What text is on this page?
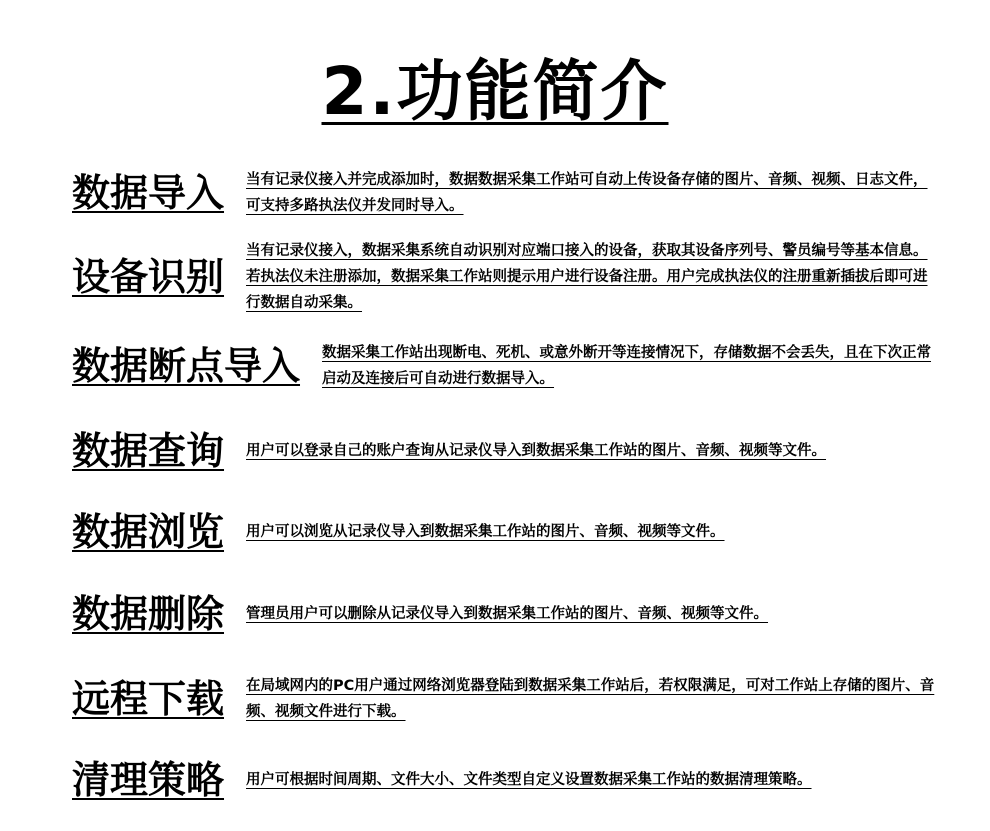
2.功能简介
数据导入 当有记录仪接入并完成添加时，数据数据采集工作站可自动上传设备存储的图片、音频、视频、日志文件，可支持多路执法仪并发同时导入。
设备识别
当有记录仪接入，数据采集系统自动识别对应端口接入的设备，获取其设备序列号、警员编号等基本信息。若执法仪未注册添加，数据采集工作站则提示用户进行设备注册。用户完成执法仪的注册重新插拔后即可进行数据自动采集。
数据断点导入 数据采集工作站出现断电、死机、或意外断开等连接情况下，存储数据不会丢失，且在下次正常启动及连接后可自动进行数据导入。
数据查询 用户可以登录自己的账户查询从记录仪导入到数据采集工作站的图片、音频、视频等文件。
数据浏览 用户可以浏览从记录仪导入到数据采集工作站的图片、音频、视频等文件。
数据删除 管理员用户可以删除从记录仪导入到数据采集工作站的图片、音频、视频等文件。
远程下载 在局域网内的PC用户通过网络浏览器登陆到数据采集工作站后，若权限满足，可对工作站上存储的图片、音频、视频文件进行下载。
清理策略 用户可根据时间周期、文件大小、文件类型自定义设置数据采集工作站的数据清理策略。
